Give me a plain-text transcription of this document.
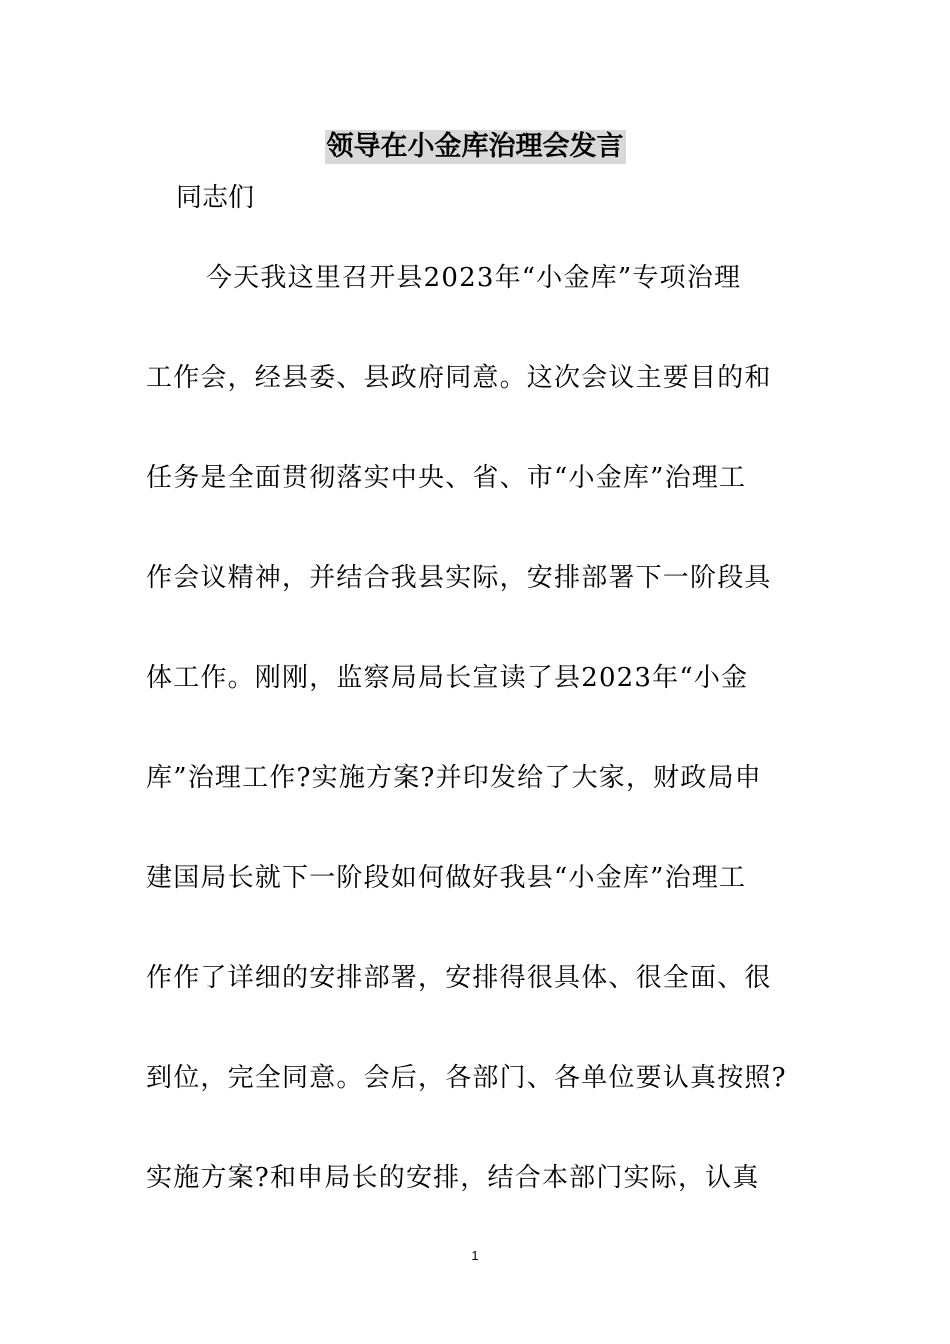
领导在小金库治理会发言
同志们
今天我这里召开县2023年“小金库”专项治理
工作会，经县委、县政府同意。这次会议主要目的和
任务是全面贯彻落实中央、省、市“小金库”治理工
作会议精神，并结合我县实际，安排部署下一阶段具
体工作。刚刚，监察局局长宣读了县2023年“小金
库”治理工作?实施方案?并印发给了大家，财政局申
建国局长就下一阶段如何做好我县“小金库”治理工
作作了详细的安排部署，安排得很具体、很全面、很
到位，完全同意。会后，各部门、各单位要认真按照?
实施方案?和申局长的安排，结合本部门实际，认真
1
